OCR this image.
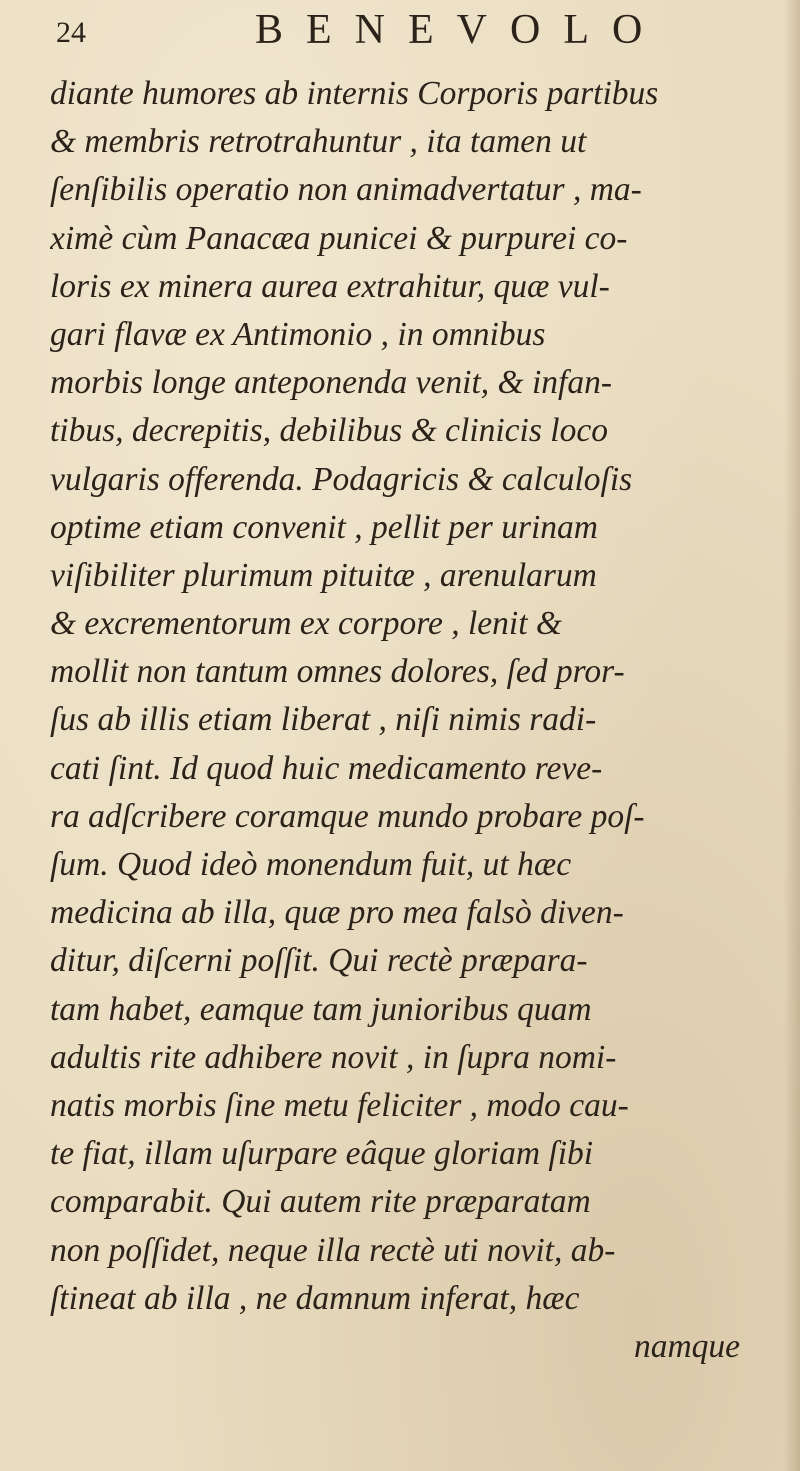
24	BENEVOLO
diante humores ab internis Corporis partibus
& membris retrotrahuntur , ita tamen ut
ſenſibilis operatio non animadvertatur , ma-
ximè cùm Panacæa punicei & purpurei co-
loris ex minera aurea extrahitur, quæ vul-
gari flavæ ex Antimonio , in omnibus
morbis longe anteponenda venit, & infan-
tibus, decrepitis, debilibus & clinicis loco
vulgaris offerenda. Podagricis & calculoſis
optime etiam convenit , pellit per urinam
viſibiliter plurimum pituitæ , arenularum
& excrementorum ex corpore , lenit &
mollit non tantum omnes dolores, ſed pror-
ſus ab illis etiam liberat , niſi nimis radi-
cati ſint. Id quod huic medicamento reve-
ra adſcribere coramque mundo probare poſ-
ſum. Quod ideò monendum fuit, ut hæc
medicina ab illa, quæ pro mea falsò diven-
ditur, diſcerni poſſit. Qui rectè præpara-
tam habet, eamque tam junioribus quam
adultis rite adhibere novit , in ſupra nomi-
natis morbis ſine metu feliciter , modo cau-
te fiat, illam uſurpare eâque gloriam ſibi
comparabit. Qui autem rite præparatam
non poſſidet, neque illa rectè uti novit, ab-
ſtineat ab illa , ne damnum inferat, hæc
namque
